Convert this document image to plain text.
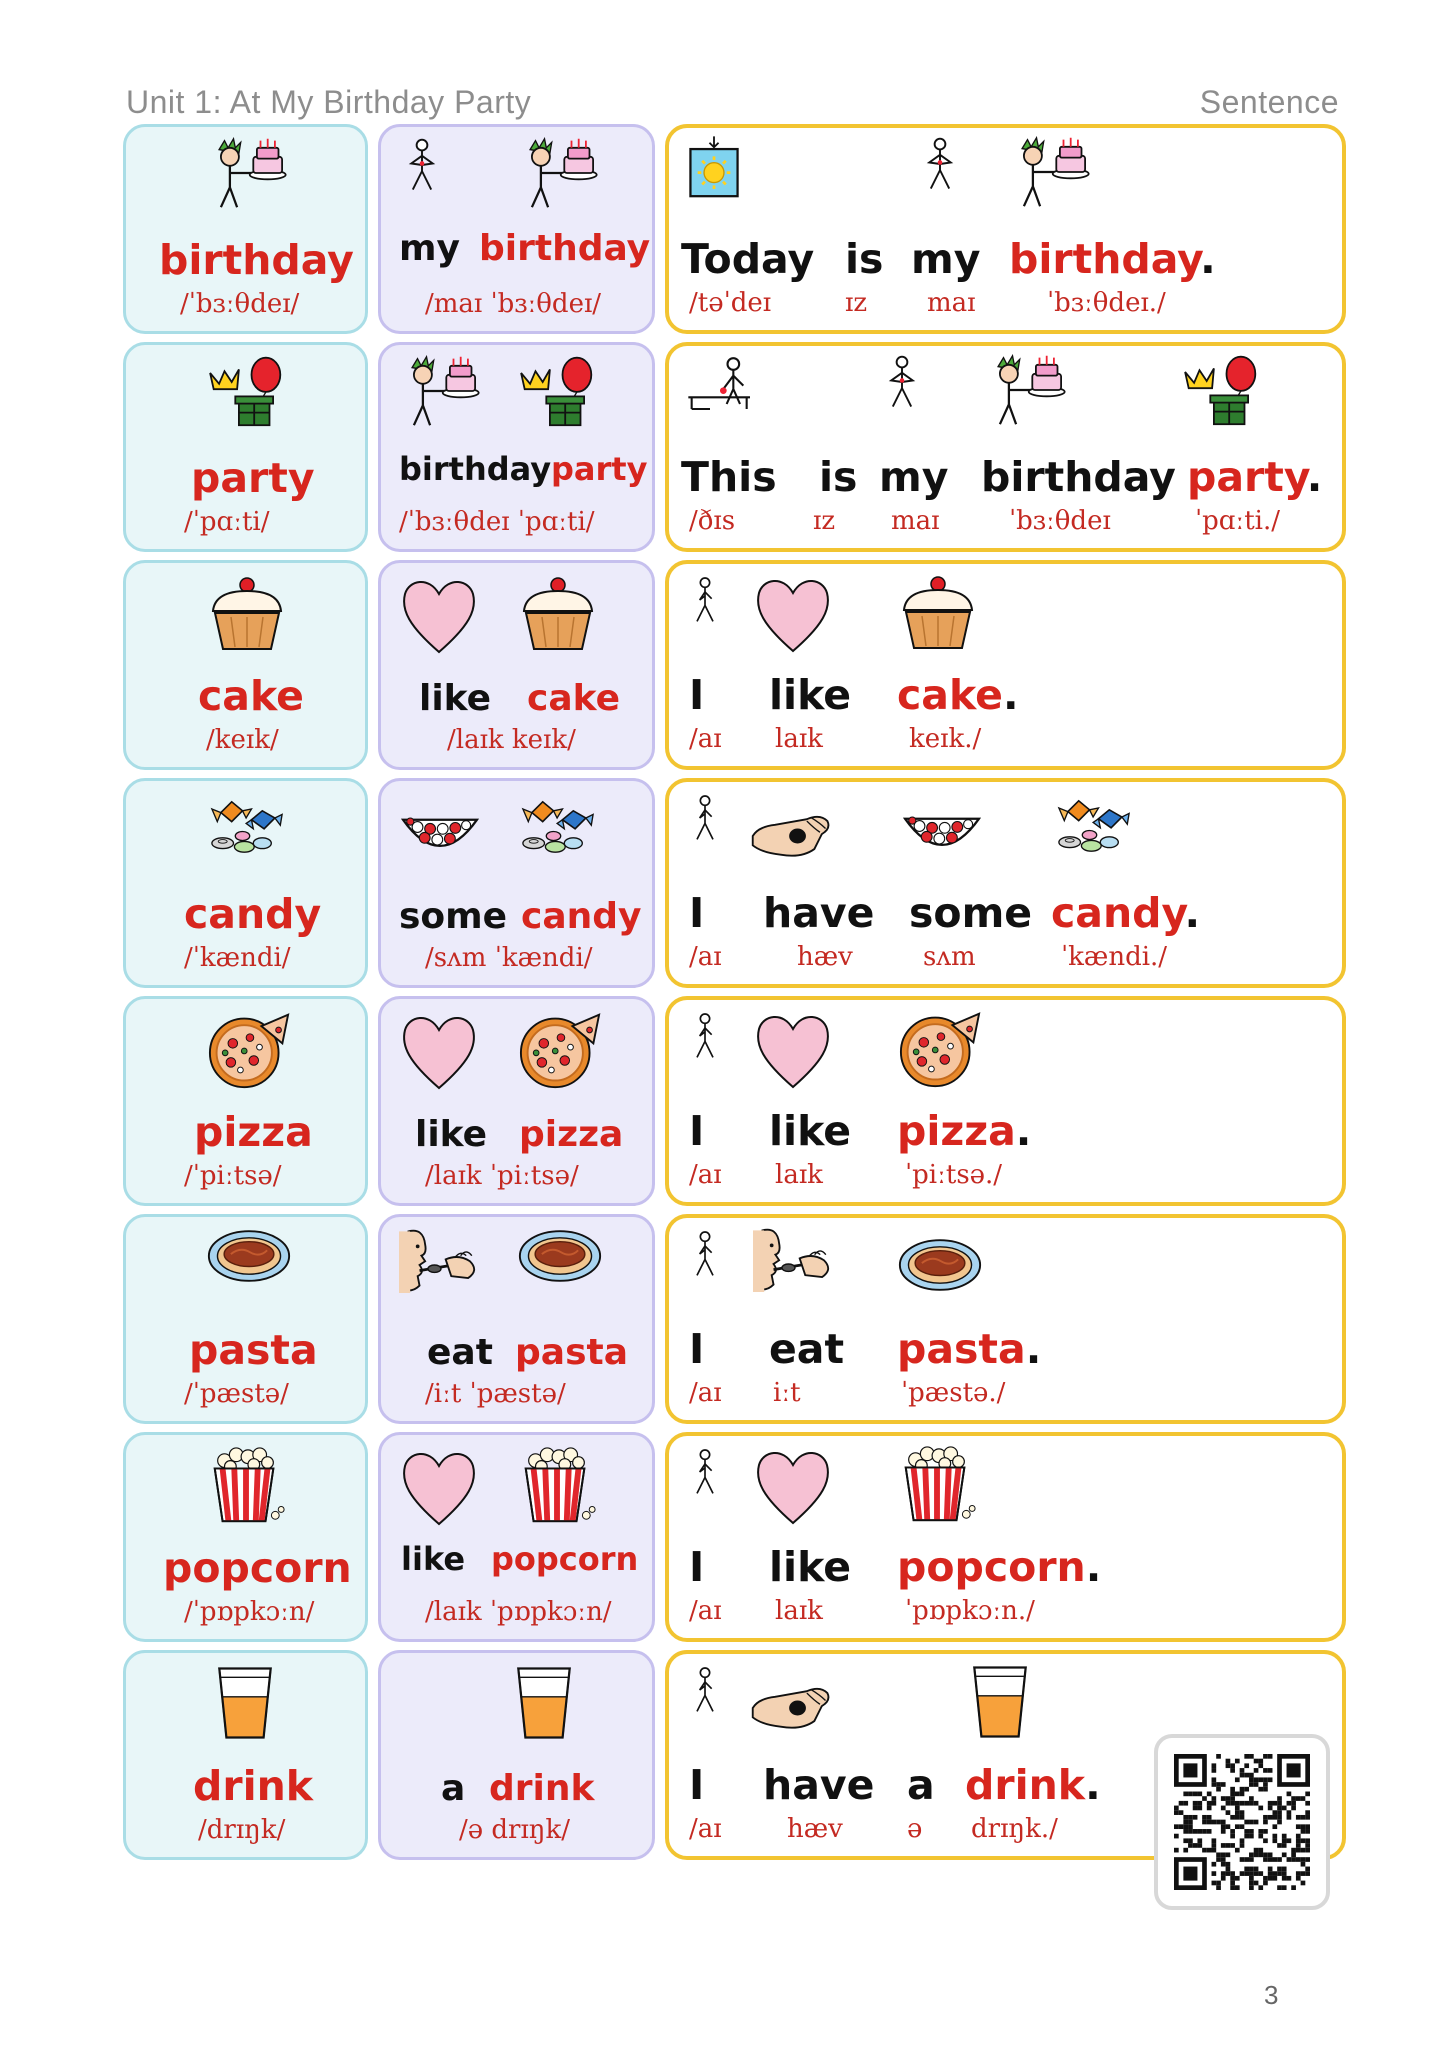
Unit 1: At My Birthday Party	Sentence
birthday
/ˈbɜːθdeɪ/
my birthday
/maɪ ˈbɜːθdeɪ/
Today
/təˈdeɪ
is
ɪz
my
maɪ
birthday.
ˈbɜːθdeɪ./
party
/ˈpɑːti/
birthday party
/ˈbɜːθdeɪ ˈpɑːti/
This
/ðɪs
is
ɪz
my
maɪ
birthday
ˈbɜːθdeɪ
party.
ˈpɑːti./
cake
/keɪk/
like cake
/laɪk keɪk/
I
/aɪ
like
laɪk
cake.
keɪk./
candy
/ˈkændi/
some candy
/sʌm ˈkændi/
I
/aɪ
have
hæv
some
sʌm
candy.
ˈkændi./
pizza
/ˈpiːtsə/
like pizza
/laɪk ˈpiːtsə/
I
/aɪ
like
laɪk
pizza.
ˈpiːtsə./
pasta
/ˈpæstə/
eat pasta
/iːt ˈpæstə/
I
/aɪ
eat
iːt
pasta.
ˈpæstə./
popcorn
/ˈpɒpkɔːn/
like popcorn
/laɪk ˈpɒpkɔːn/
I
/aɪ
like
laɪk
popcorn.
ˈpɒpkɔːn./
drink
/drɪŋk/
a drink
/ə drɪŋk/
I
/aɪ
have
hæv
a
ə
drink.
drɪŋk./
3
